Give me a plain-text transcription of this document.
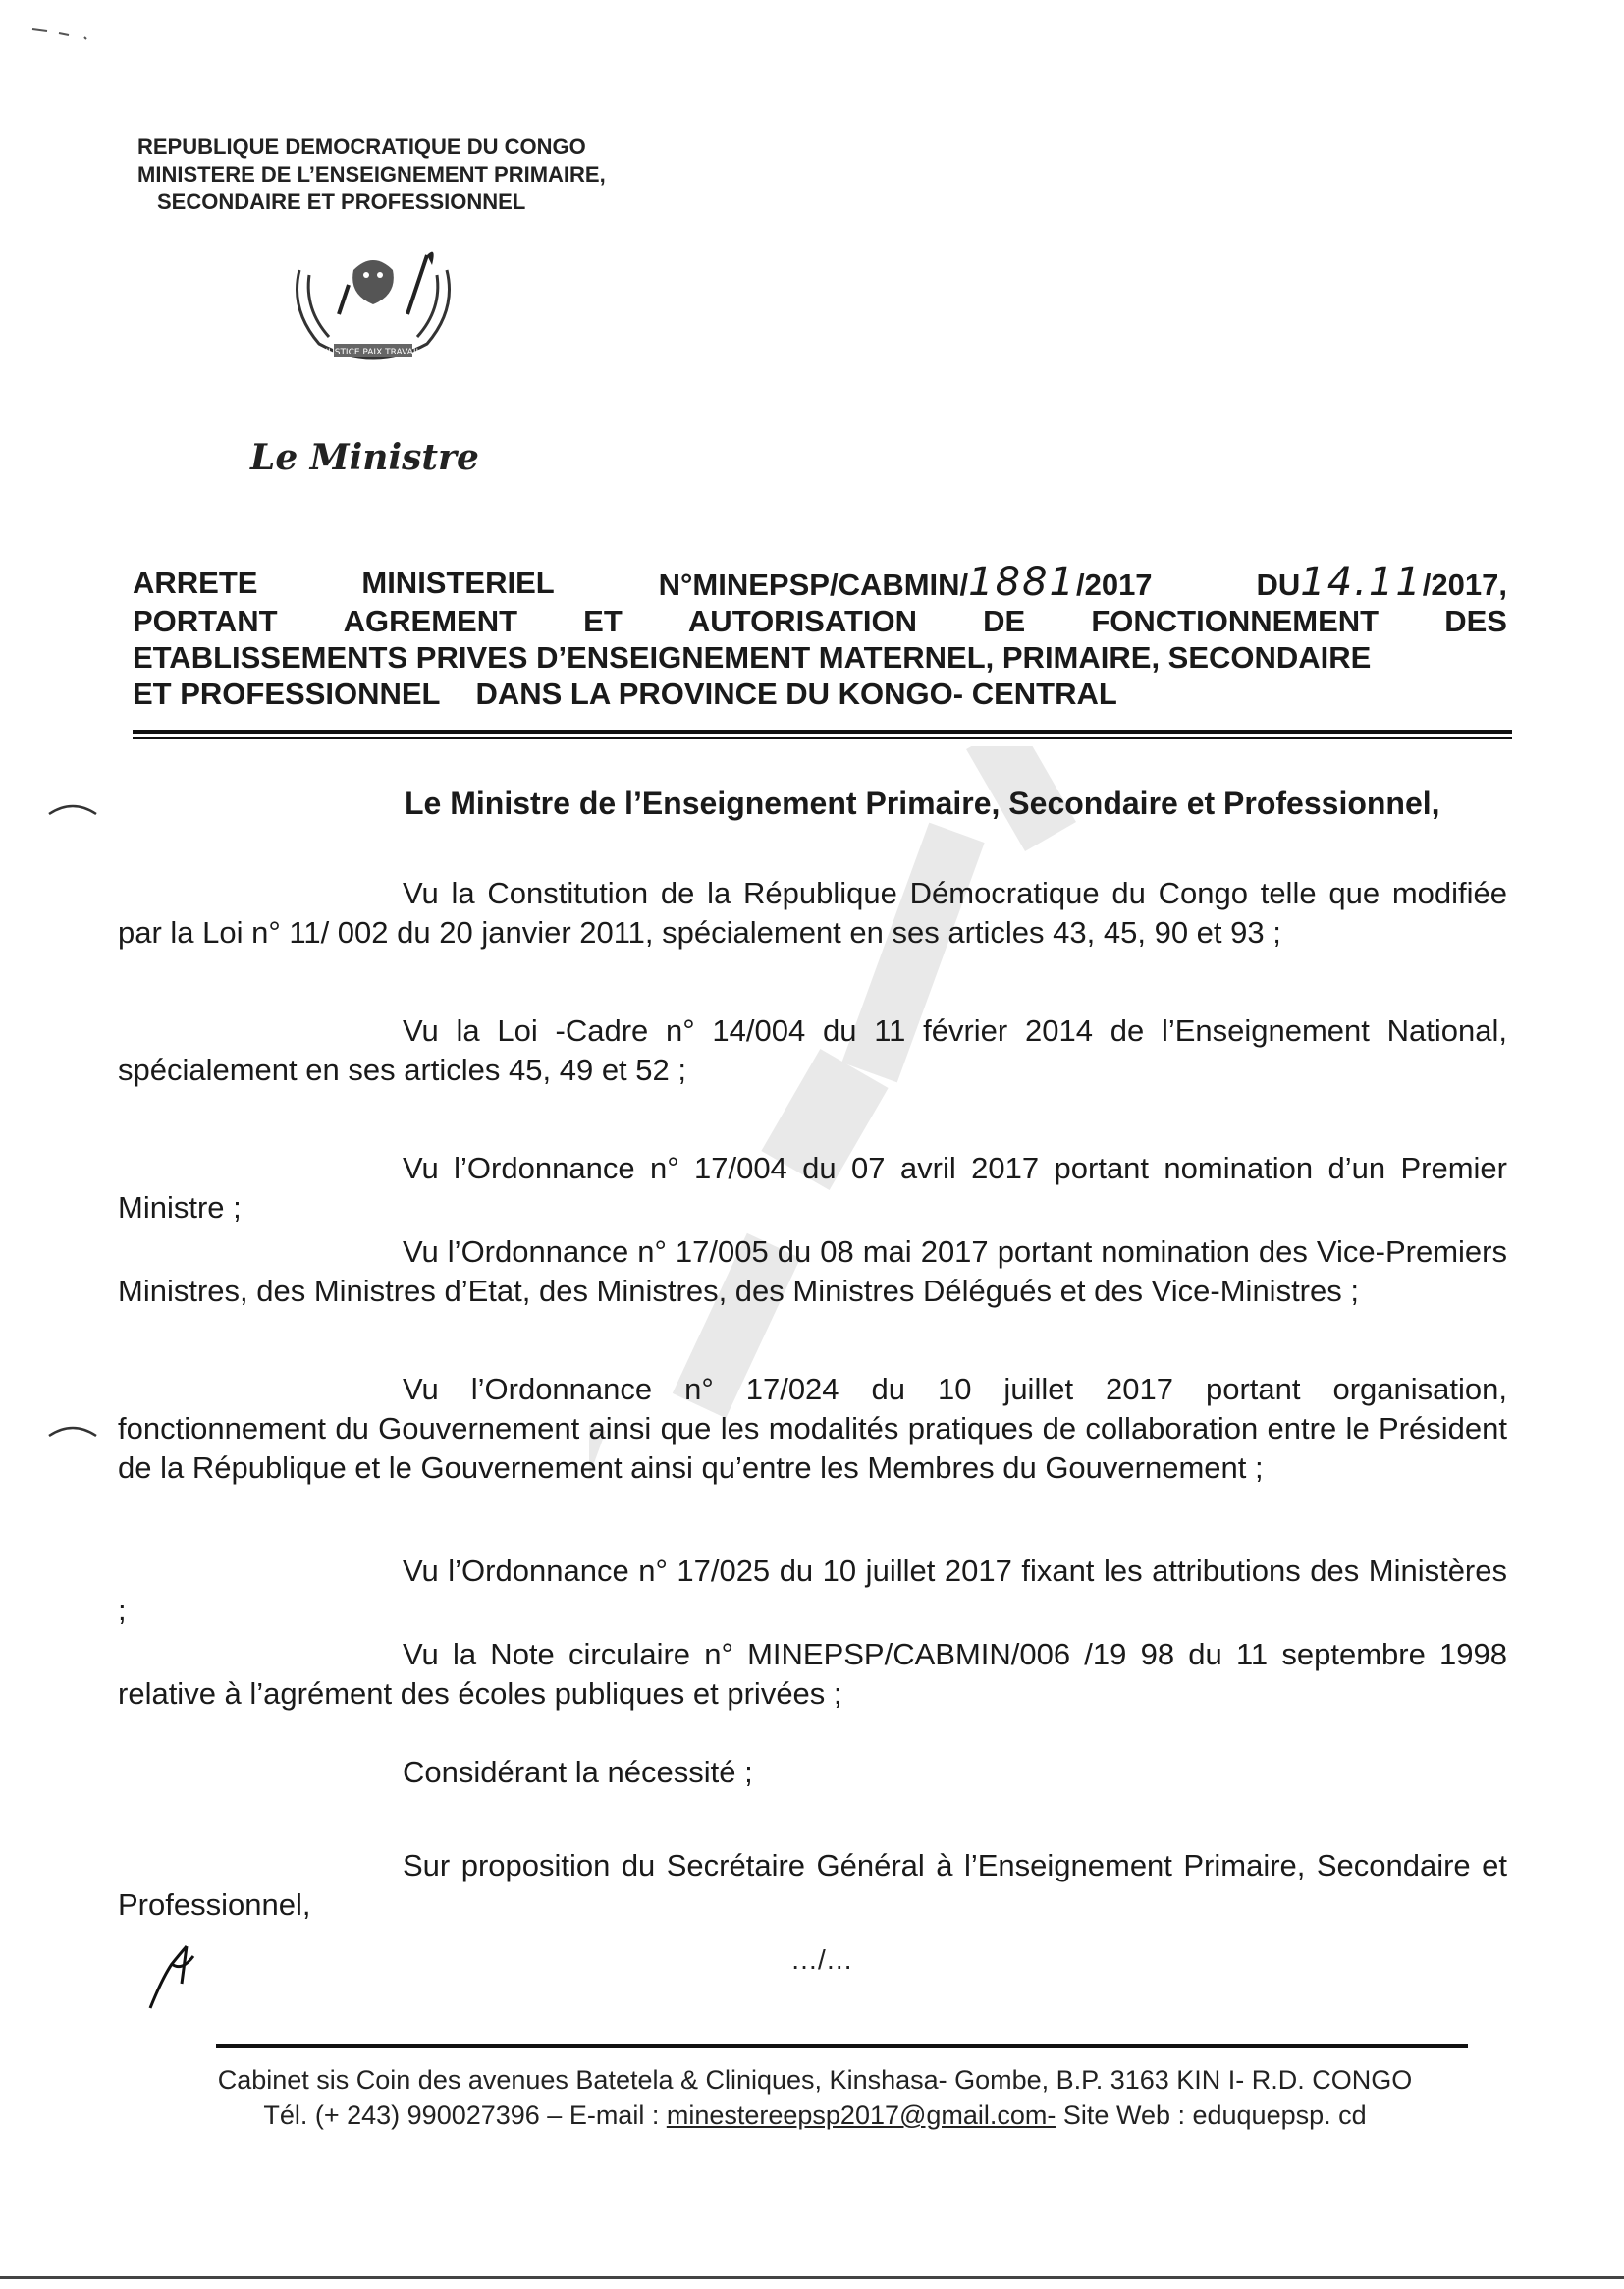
REPUBLIQUE DEMOCRATIQUE DU CONGO
MINISTERE DE L’ENSEIGNEMENT PRIMAIRE,
SECONDAIRE ET PROFESSIONNEL
JUSTICE PAIX TRAVAIL
Le Ministre
ARRETE	MINISTERIEL	N°MINEPSP/CABMIN/1881/2017	DU14.11/2017,
PORTANT AGREMENT ET AUTORISATION DE FONCTIONNEMENT DES
ETABLISSEMENTS PRIVES D’ENSEIGNEMENT MATERNEL, PRIMAIRE, SECONDAIRE
ET PROFESSIONNEL DANS LA PROVINCE DU KONGO- CENTRAL
Le Ministre de l’Enseignement Primaire, Secondaire et Professionnel,
Vu la Constitution de la République Démocratique du Congo telle que modifiée par la Loi n° 11/ 002 du 20 janvier 2011, spécialement en ses articles 43, 45, 90 et 93 ;
Vu la Loi -Cadre n° 14/004 du 11 février 2014 de l’Enseignement National, spécialement en ses articles 45, 49 et 52 ;
Vu l’Ordonnance n° 17/004 du 07 avril 2017 portant nomination d’un Premier Ministre ;
Vu l’Ordonnance n° 17/005 du 08 mai 2017 portant nomination des Vice-Premiers Ministres, des Ministres d’Etat, des Ministres, des Ministres Délégués et des Vice-Ministres ;
Vu l’Ordonnance n° 17/024 du 10 juillet 2017 portant organisation, fonctionnement du Gouvernement ainsi que les modalités pratiques de collaboration entre le Président de la République et le Gouvernement ainsi qu’entre les Membres du Gouvernement ;
Vu l’Ordonnance n° 17/025 du 10 juillet 2017 fixant les attributions des Ministères ;
Vu la Note circulaire n° MINEPSP/CABMIN/006 /19 98 du 11 septembre 1998 relative à l’agrément des écoles publiques et privées ;
Considérant la nécessité ;
Sur proposition du Secrétaire Général à l’Enseignement Primaire, Secondaire et Professionnel,
…/…
Cabinet sis Coin des avenues Batetela & Cliniques, Kinshasa- Gombe, B.P. 3163 KIN I- R.D. CONGO
Tél. (+ 243) 990027396 – E-mail : minestereepsp2017@gmail.com- Site Web : eduquepsp. cd
